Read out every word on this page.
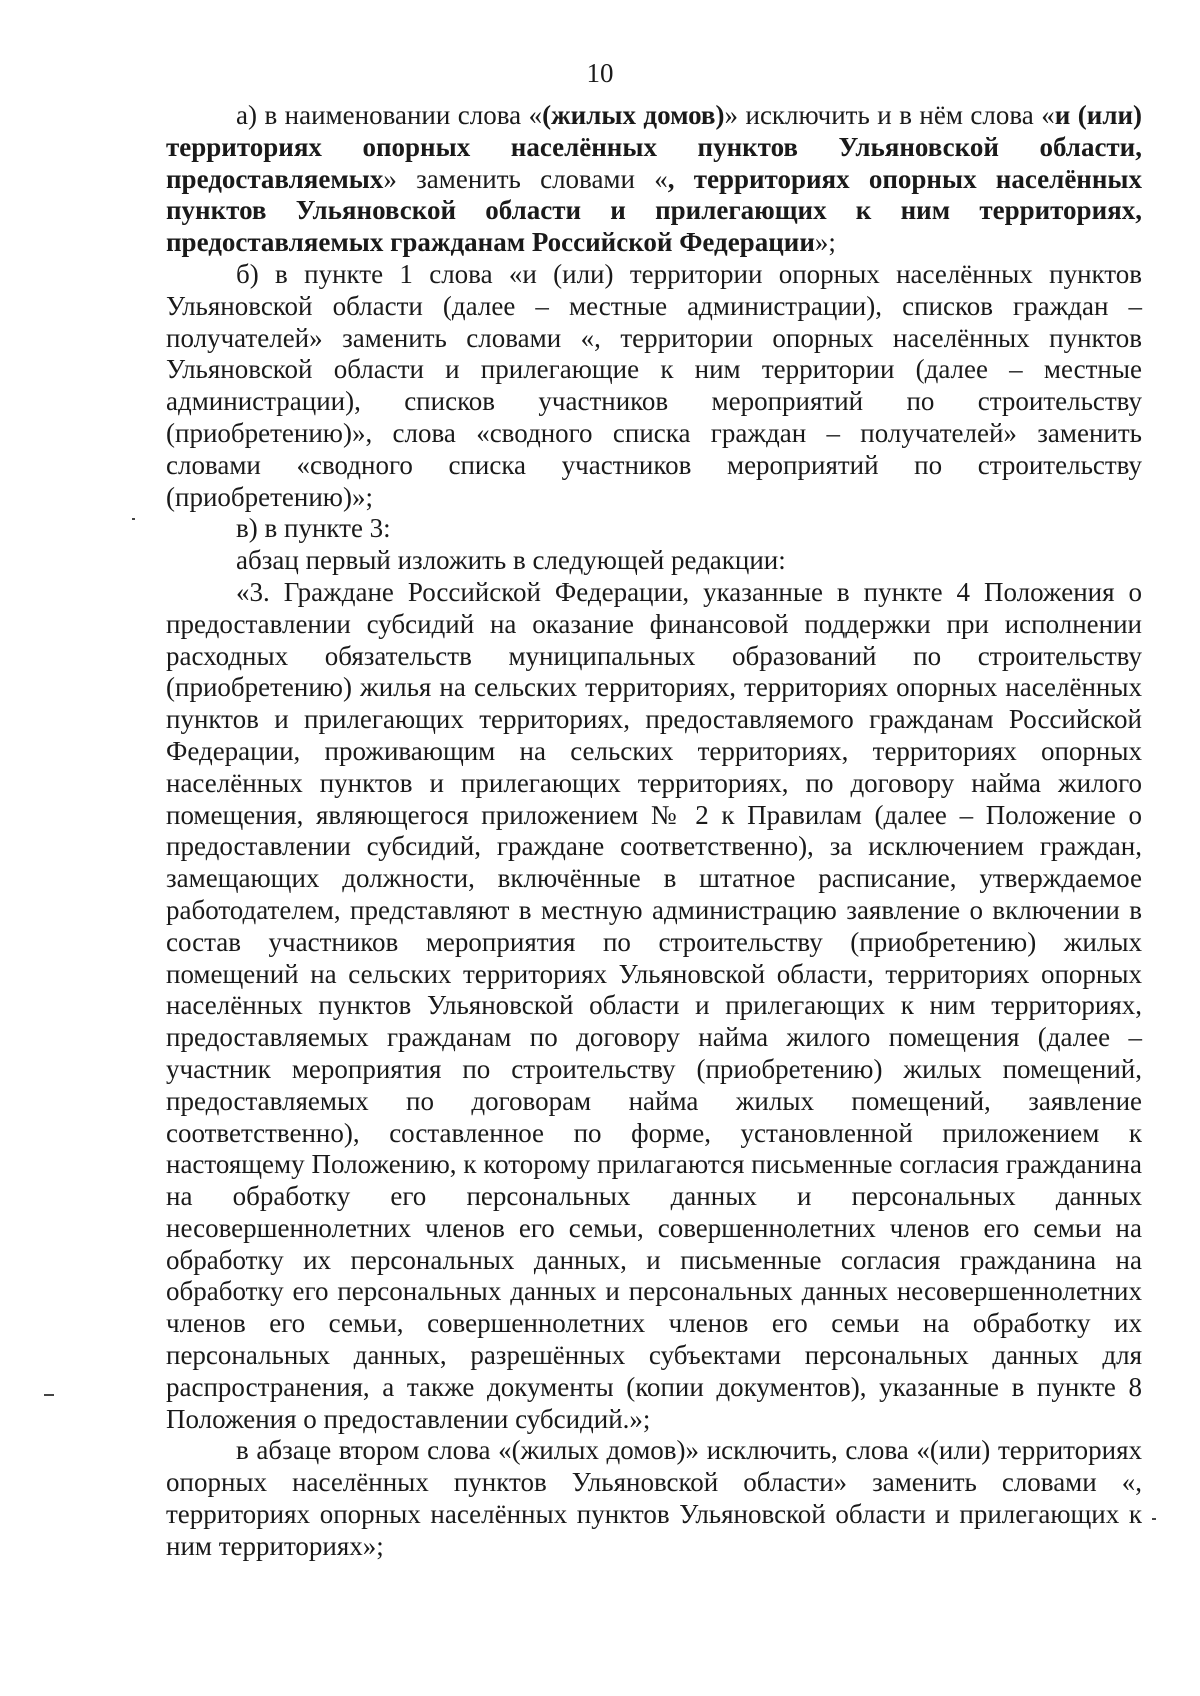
10

а) в наименовании слова «(жилых домов)» исключить и в нём слова «и (или) территориях опорных населённых пунктов Ульяновской области, предоставляемых» заменить словами «, территориях опорных населённых пунктов Ульяновской области и прилегающих к ним территориях, предоставляемых гражданам Российской Федерации»;

б) в пункте 1 слова «и (или) территории опорных населённых пунктов Ульяновской области (далее – местные администрации), списков граждан – получателей» заменить словами «, территории опорных населённых пунктов Ульяновской области и прилегающие к ним территории (далее – местные администрации), списков участников мероприятий по строительству (приобретению)», слова «сводного списка граждан – получателей» заменить словами «сводного списка участников мероприятий по строительству (приобретению)»;

в) в пункте 3:

абзац первый изложить в следующей редакции:

«3. Граждане Российской Федерации, указанные в пункте 4 Положения о предоставлении субсидий на оказание финансовой поддержки при исполнении расходных обязательств муниципальных образований по строительству (приобретению) жилья на сельских территориях, территориях опорных населённых пунктов и прилегающих территориях, предоставляемого гражданам Российской Федерации, проживающим на сельских территориях, территориях опорных населённых пунктов и прилегающих территориях, по договору найма жилого помещения, являющегося приложением № 2 к Правилам (далее – Положение о предоставлении субсидий, граждане соответственно), за исключением граждан, замещающих должности, включённые в штатное расписание, утверждаемое работодателем, представляют в местную администрацию заявление о включении в состав участников мероприятия по строительству (приобретению) жилых помещений на сельских территориях Ульяновской области, территориях опорных населённых пунктов Ульяновской области и прилегающих к ним территориях, предоставляемых гражданам по договору найма жилого помещения (далее – участник мероприятия по строительству (приобретению) жилых помещений, предоставляемых по договорам найма жилых помещений, заявление соответственно), составленное по форме, установленной приложением к настоящему Положению, к которому прилагаются письменные согласия гражданина на обработку его персональных данных и персональных данных несовершеннолетних членов его семьи, совершеннолетних членов его семьи на обработку их персональных данных, и письменные согласия гражданина на обработку его персональных данных и персональных данных несовершеннолетних членов его семьи, совершеннолетних членов его семьи на обработку их персональных данных, разрешённых субъектами персональных данных для распространения, а также документы (копии документов), указанные в пункте 8 Положения о предоставлении субсидий.»;

в абзаце втором слова «(жилых домов)» исключить, слова «(или) территориях опорных населённых пунктов Ульяновской области» заменить словами «, территориях опорных населённых пунктов Ульяновской области и прилегающих к ним территориях»;
